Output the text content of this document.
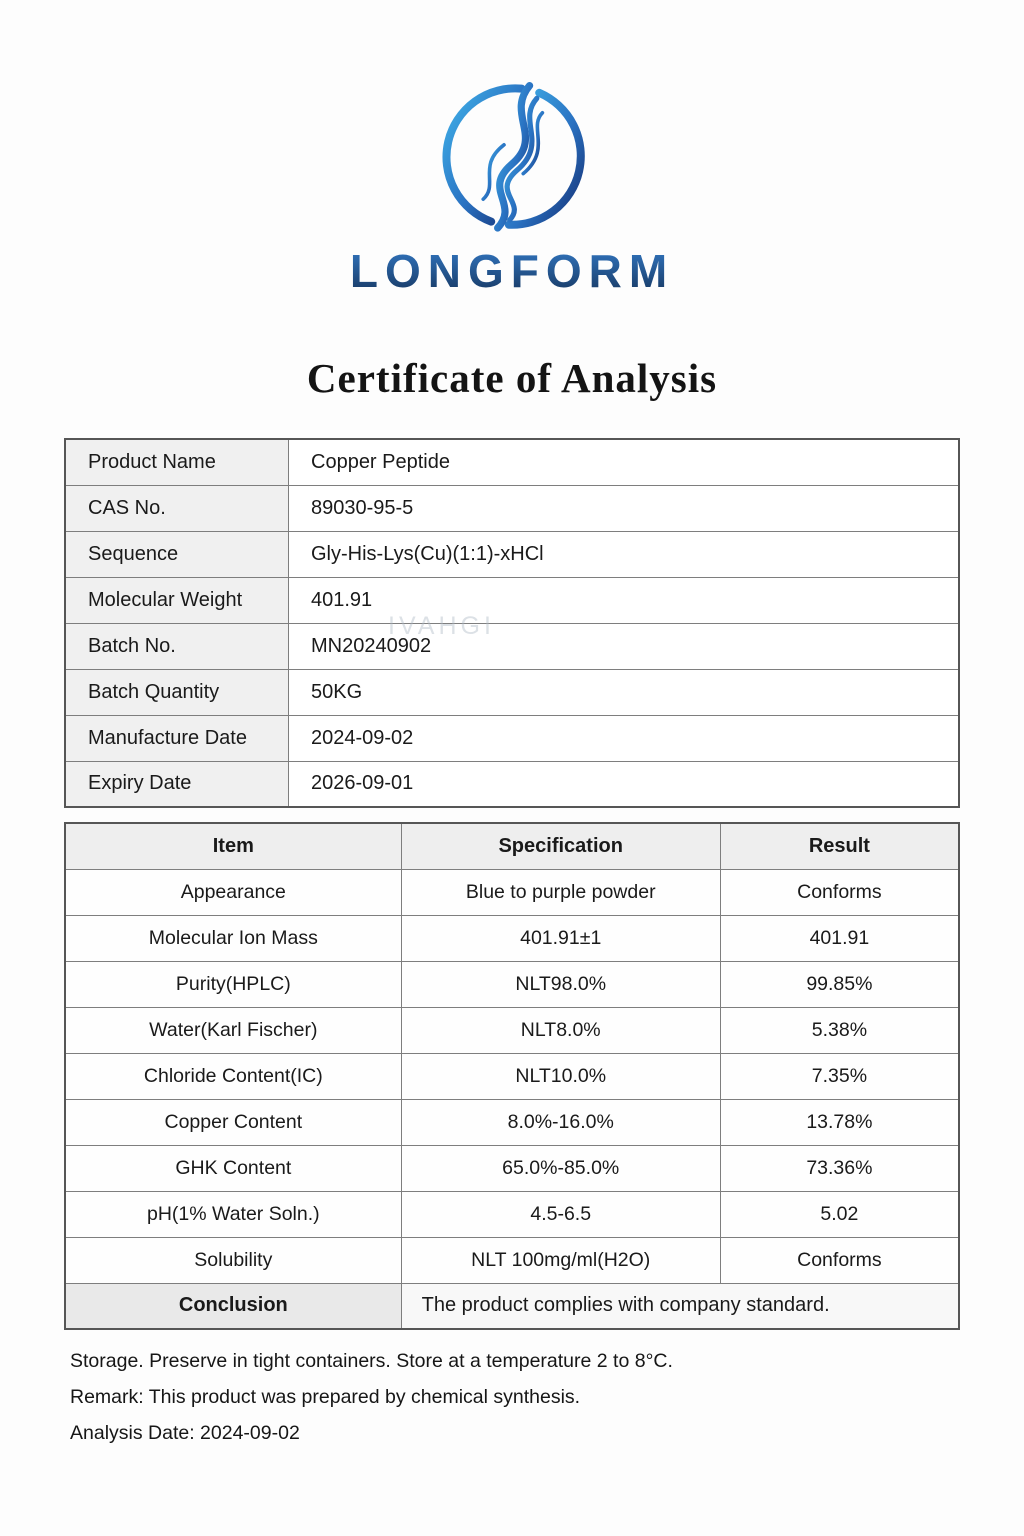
LONGFORM
Certificate of Analysis
Product Name	Copper Peptide
CAS No.	89030-95-5
Sequence	Gly-His-Lys(Cu)(1:1)-xHCl
Molecular Weight	401.91
Batch No.	MN20240902
Batch Quantity	50KG
Manufacture Date	2024-09-02
Expiry Date	2026-09-01
Item	Specification	Result
Appearance	Blue to purple powder	Conforms
Molecular Ion Mass	401.91±1	401.91
Purity(HPLC)	NLT98.0%	99.85%
Water(Karl Fischer)	NLT8.0%	5.38%
Chloride Content(IC)	NLT10.0%	7.35%
Copper Content	8.0%-16.0%	13.78%
GHK Content	65.0%-85.0%	73.36%
pH(1% Water Soln.)	4.5-6.5	5.02
Solubility	NLT 100mg/ml(H2O)	Conforms
Conclusion	The product complies with company standard.	

Storage. Preserve in tight containers. Store at a temperature 2 to 8°C.

Remark: This product was prepared by chemical synthesis.

Analysis Date: 2024-09-02

IVAHGI
